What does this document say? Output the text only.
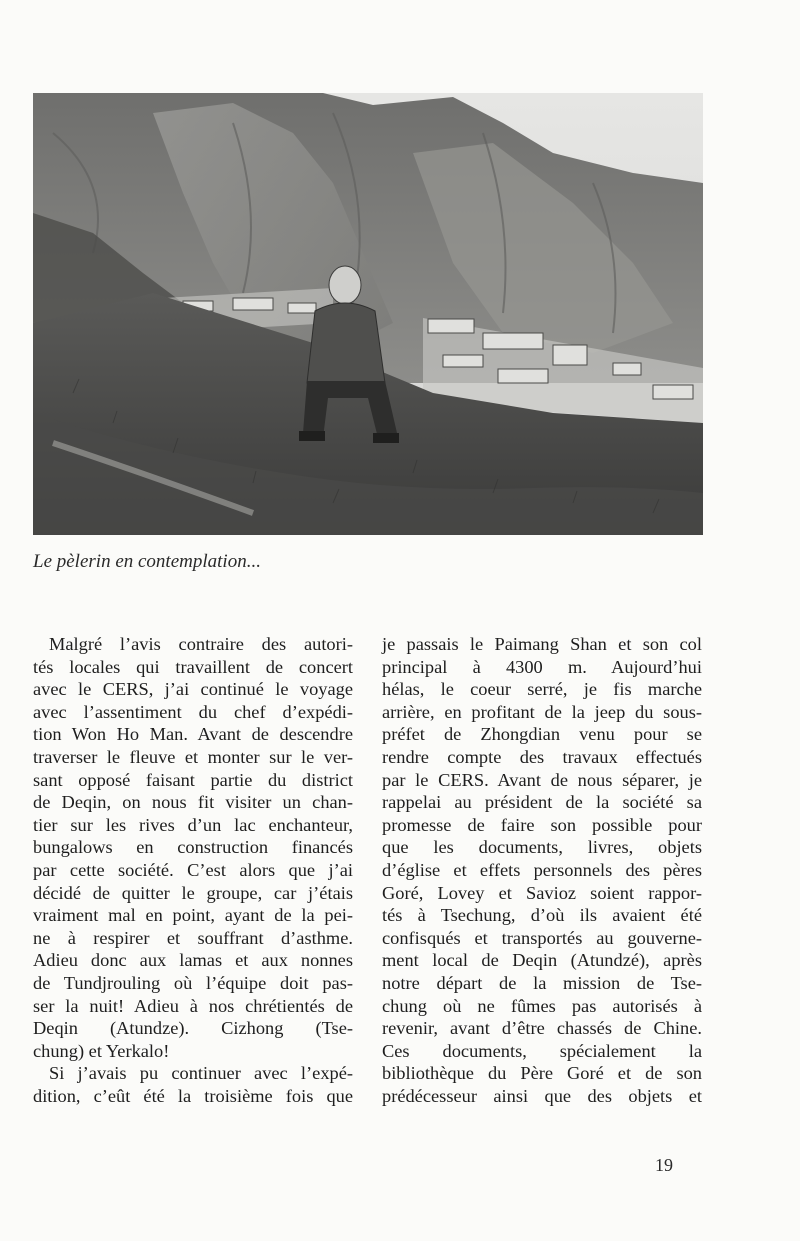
Le pèlerin en contemplation...
Malgré l’avis contraire des autori-
tés locales qui travaillent de concert
avec le CERS, j’ai continué le voyage
avec l’assentiment du chef d’expédi-
tion Won Ho Man. Avant de descendre
traverser le fleuve et monter sur le ver-
sant opposé faisant partie du district
de Deqin, on nous fit visiter un chan-
tier sur les rives d’un lac enchanteur,
bungalows en construction financés
par cette société. C’est alors que j’ai
décidé de quitter le groupe, car j’étais
vraiment mal en point, ayant de la pei-
ne à respirer et souffrant d’asthme.
Adieu donc aux lamas et aux nonnes
de Tundjrouling où l’équipe doit pas-
ser la nuit! Adieu à nos chrétientés de
Deqin (Atundze). Cizhong (Tse-
chung) et Yerkalo!
Si j’avais pu continuer avec l’expé-
dition, c’eût été la troisième fois que
je passais le Paimang Shan et son col
principal à 4300 m. Aujourd’hui
hélas, le coeur serré, je fis marche
arrière, en profitant de la jeep du sous-
préfet de Zhongdian venu pour se
rendre compte des travaux effectués
par le CERS. Avant de nous séparer, je
rappelai au président de la société sa
promesse de faire son possible pour
que les documents, livres, objets
d’église et effets personnels des pères
Goré, Lovey et Savioz soient rappor-
tés à Tsechung, d’où ils avaient été
confisqués et transportés au gouverne-
ment local de Deqin (Atundzé), après
notre départ de la mission de Tse-
chung où ne fûmes pas autorisés à
revenir, avant d’être chassés de Chine.
Ces documents, spécialement la
bibliothèque du Père Goré et de son
prédécesseur ainsi que des objets et
19
